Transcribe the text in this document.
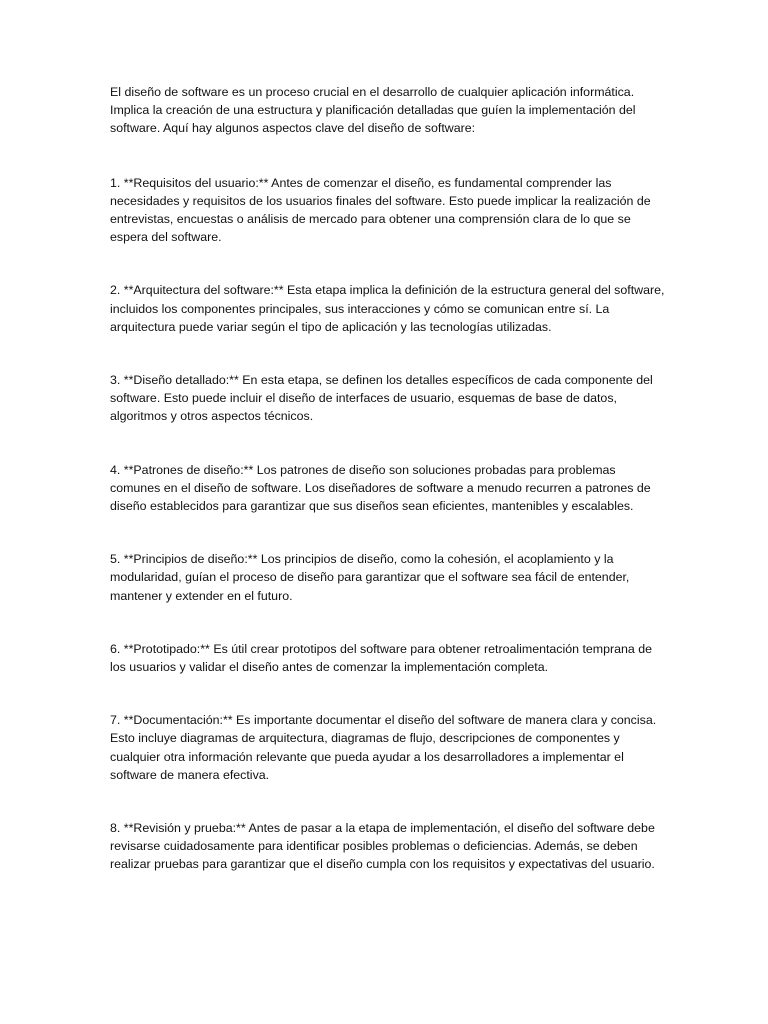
El diseño de software es un proceso crucial en el desarrollo de cualquier aplicación informática. Implica la creación de una estructura y planificación detalladas que guíen la implementación del software. Aquí hay algunos aspectos clave del diseño de software:

1. **Requisitos del usuario:** Antes de comenzar el diseño, es fundamental comprender las necesidades y requisitos de los usuarios finales del software. Esto puede implicar la realización de entrevistas, encuestas o análisis de mercado para obtener una comprensión clara de lo que se espera del software.

2. **Arquitectura del software:** Esta etapa implica la definición de la estructura general del software, incluidos los componentes principales, sus interacciones y cómo se comunican entre sí. La arquitectura puede variar según el tipo de aplicación y las tecnologías utilizadas.

3. **Diseño detallado:** En esta etapa, se definen los detalles específicos de cada componente del software. Esto puede incluir el diseño de interfaces de usuario, esquemas de base de datos, algoritmos y otros aspectos técnicos.

4. **Patrones de diseño:** Los patrones de diseño son soluciones probadas para problemas comunes en el diseño de software. Los diseñadores de software a menudo recurren a patrones de diseño establecidos para garantizar que sus diseños sean eficientes, mantenibles y escalables.

5. **Principios de diseño:** Los principios de diseño, como la cohesión, el acoplamiento y la modularidad, guían el proceso de diseño para garantizar que el software sea fácil de entender, mantener y extender en el futuro.

6. **Prototipado:** Es útil crear prototipos del software para obtener retroalimentación temprana de los usuarios y validar el diseño antes de comenzar la implementación completa.

7. **Documentación:** Es importante documentar el diseño del software de manera clara y concisa. Esto incluye diagramas de arquitectura, diagramas de flujo, descripciones de componentes y cualquier otra información relevante que pueda ayudar a los desarrolladores a implementar el software de manera efectiva.

8. **Revisión y prueba:** Antes de pasar a la etapa de implementación, el diseño del software debe revisarse cuidadosamente para identificar posibles problemas o deficiencias. Además, se deben realizar pruebas para garantizar que el diseño cumpla con los requisitos y expectativas del usuario.
